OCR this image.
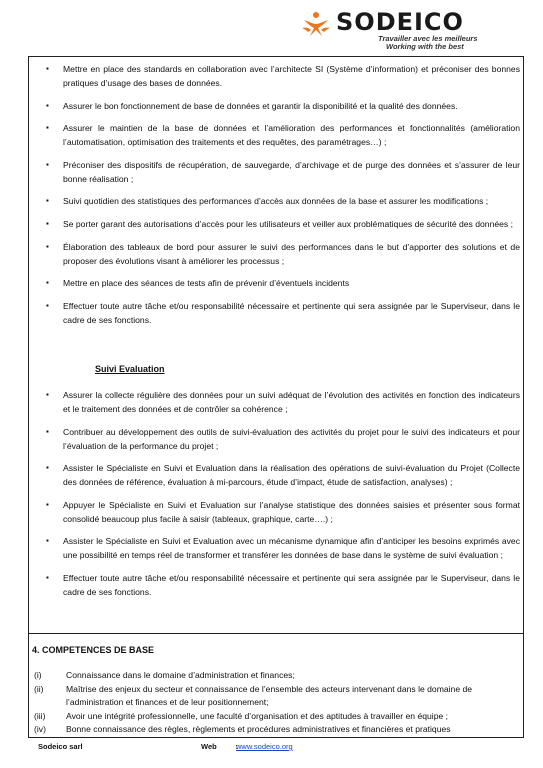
SODEICO
Travailler avec les meilleurs
Working with the best
▪ Mettre en place des standards en collaboration avec l’architecte SI (Système d’information) et préconiser des bonnes pratiques d’usage des bases de données.
▪ Assurer le bon fonctionnement de base de données et garantir la disponibilité et la qualité des données.
▪ Assurer le maintien de la base de données et l’amélioration des performances et fonctionnalités (amélioration l’automatisation, optimisation des traitements et des requêtes, des paramétrages…) ;
▪ Préconiser des dispositifs de récupération, de sauvegarde, d’archivage et de purge des données et s’assurer de leur bonne réalisation ;
▪ Suivi quotidien des statistiques des performances d’accès aux données de la base et assurer les modifications ;
▪ Se porter garant des autorisations d’accès pour les utilisateurs et veiller aux problématiques de sécurité des données ;
▪ Élaboration des tableaux de bord pour assurer le suivi des performances dans le but d’apporter des solutions et de proposer des évolutions visant à améliorer les processus ;
▪ Mettre en place des séances de tests afin de prévenir d’éventuels incidents
▪ Effectuer toute autre tâche et/ou responsabilité nécessaire et pertinente qui sera assignée par le Superviseur, dans le cadre de ses fonctions.
Suivi Evaluation
▪ Assurer la collecte régulière des données pour un suivi adéquat de l’évolution des activités en fonction des indicateurs et le traitement des données et de contrôler sa cohérence ;
▪ Contribuer au développement des outils de suivi-évaluation des activités du projet pour le suivi des indicateurs et pour l’évaluation de la performance du projet ;
▪ Assister le Spécialiste en Suivi et Evaluation dans la réalisation des opérations de suivi-évaluation du Projet (Collecte des données de référence, évaluation à mi-parcours, étude d’impact, étude de satisfaction, analyses) ;
▪ Appuyer le Spécialiste en Suivi et Evaluation sur l’analyse statistique des données saisies et présenter sous format consolidé beaucoup plus facile à saisir (tableaux, graphique, carte….) ;
▪ Assister le Spécialiste en Suivi et Evaluation avec un mécanisme dynamique afin d’anticiper les besoins exprimés avec une possibilité en temps réel de transformer et transférer les données de base dans le système de suivi évaluation ;
▪ Effectuer toute autre tâche et/ou responsabilité nécessaire et pertinente qui sera assignée par le Superviseur, dans le cadre de ses fonctions.
4. COMPETENCES DE BASE
(i)	Connaissance dans le domaine d’administration et finances;
(ii)	Maîtrise des enjeux du secteur et connaissance de l’ensemble des acteurs intervenant dans le domaine de l’administration et finances et de leur positionnement;
(iii)	Avoir une intégrité professionnelle, une faculté d’organisation et des aptitudes à travailler en équipe ;
(iv)	Bonne connaissance des règles, règlements et procédures administratives et financières et pratiques
Sodeico sarl	Web         :
www.sodeico.org
